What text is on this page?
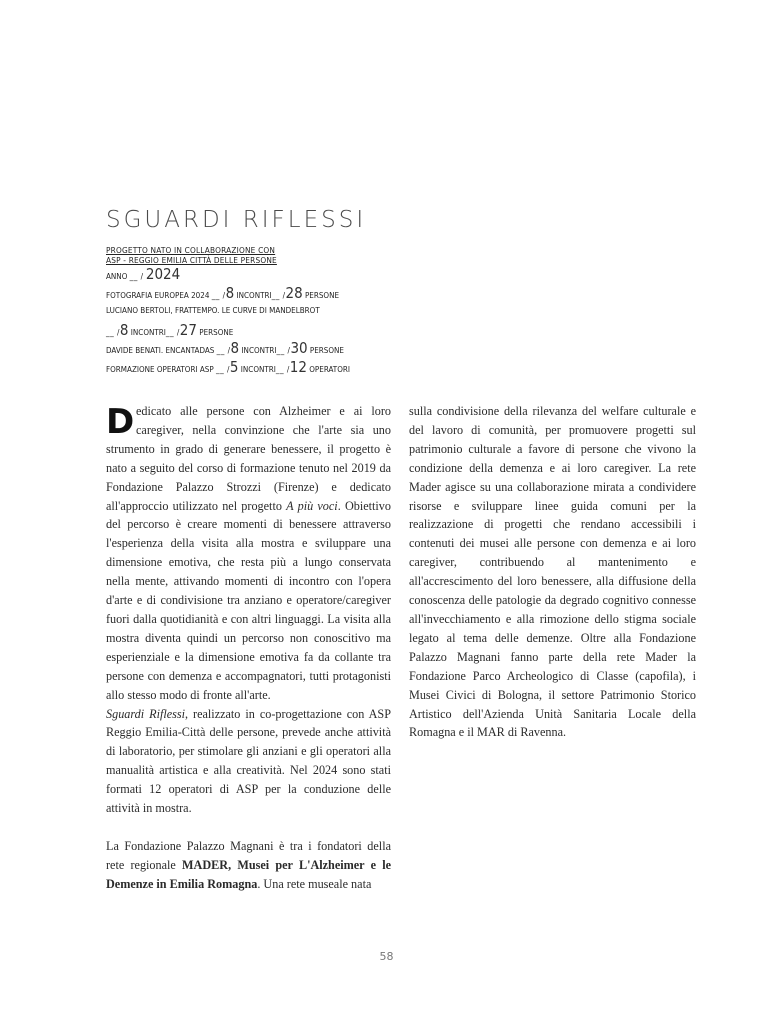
SGUARDI RIFLESSI
PROGETTO NATO IN COLLABORAZIONE CON
ASP - REGGIO EMILIA CITTÀ DELLE PERSONE
ANNO __ / 2024
FOTOGRAFIA EUROPEA 2024 __ /8 INCONTRI__ /28 PERSONE
LUCIANO BERTOLI, FRATTEMPO. LE CURVE DI MANDELBROT
__ /8 INCONTRI__ /27 PERSONE
DAVIDE BENATI. ENCANTADAS __ /8 INCONTRI__ /30 PERSONE
FORMAZIONE OPERATORI ASP __ /5 INCONTRI__ /12 OPERATORI

Dedicato alle persone con Alzheimer e ai loro caregiver, nella convinzione che l'arte sia uno strumento in grado di generare benessere, il progetto è nato a seguito del corso di formazione tenuto nel 2019 da Fondazione Palazzo Strozzi (Firenze) e dedicato all'approccio utilizzato nel progetto A più voci. Obiettivo del percorso è creare momenti di benessere attraverso l'esperienza della visita alla mostra e sviluppare una dimensione emotiva, che resta più a lungo conservata nella mente, attivando momenti di incontro con l'opera d'arte e di condivisione tra anziano e operatore/caregiver fuori dalla quotidianità e con altri linguaggi. La visita alla mostra diventa quindi un percorso non conoscitivo ma esperienziale e la dimensione emotiva fa da collante tra persone con demenza e accompagnatori, tutti protagonisti allo stesso modo di fronte all'arte.

Sguardi Riflessi, realizzato in co-progettazione con ASP Reggio Emilia-Città delle persone, prevede anche attività di laboratorio, per stimolare gli anziani e gli operatori alla manualità artistica e alla creatività. Nel 2024 sono stati formati 12 operatori di ASP per la conduzione delle attività in mostra.

La Fondazione Palazzo Magnani è tra i fondatori della rete regionale MADER, Musei per L'Alzheimer e le Demenze in Emilia Romagna. Una rete museale nata

sulla condivisione della rilevanza del welfare culturale e del lavoro di comunità, per promuovere progetti sul patrimonio culturale a favore di persone che vivono la condizione della demenza e ai loro caregiver. La rete Mader agisce su una collaborazione mirata a condividere risorse e sviluppare linee guida comuni per la realizzazione di progetti che rendano accessibili i contenuti dei musei alle persone con demenza e ai loro caregiver, contribuendo al mantenimento e all'accrescimento del loro benessere, alla diffusione della conoscenza delle patologie da degrado cognitivo connesse all'invecchiamento e alla rimozione dello stigma sociale legato al tema delle demenze. Oltre alla Fondazione Palazzo Magnani fanno parte della rete Mader la Fondazione Parco Archeologico di Classe (capofila), i Musei Civici di Bologna, il settore Patrimonio Storico Artistico dell'Azienda Unità Sanitaria Locale della Romagna e il MAR di Ravenna.

58
